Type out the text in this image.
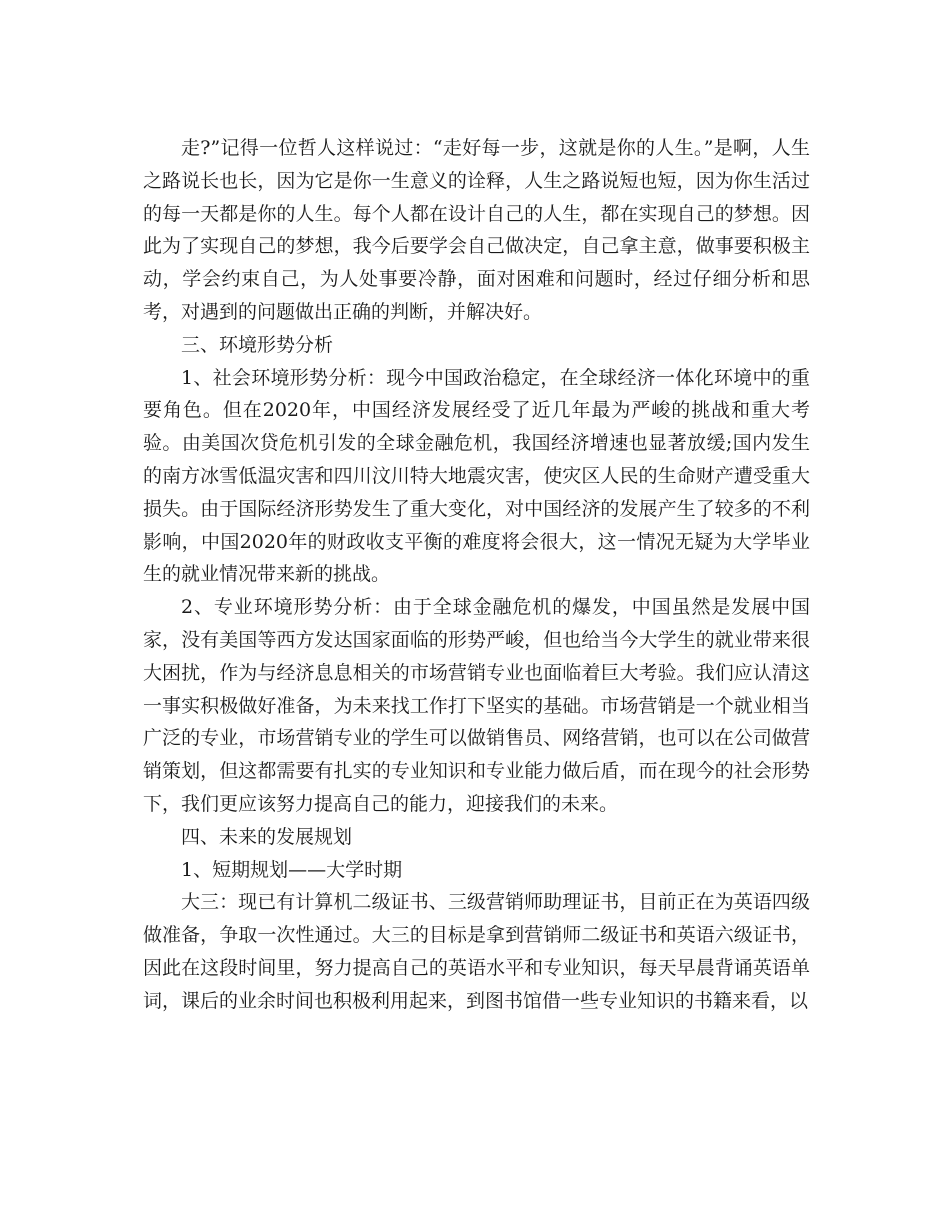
走?”记得一位哲人这样说过：“走好每一步，这就是你的人生。”是啊，人生之路说长也长，因为它是你一生意义的诠释，人生之路说短也短，因为你生活过的每一天都是你的人生。每个人都在设计自己的人生，都在实现自己的梦想。因此为了实现自己的梦想，我今后要学会自己做决定，自己拿主意，做事要积极主动，学会约束自己，为人处事要冷静，面对困难和问题时，经过仔细分析和思考，对遇到的问题做出正确的判断，并解决好。

三、环境形势分析

1、社会环境形势分析：现今中国政治稳定，在全球经济一体化环境中的重要角色。但在2020年，中国经济发展经受了近几年最为严峻的挑战和重大考验。由美国次贷危机引发的全球金融危机，我国经济增速也显著放缓;国内发生的南方冰雪低温灾害和四川汶川特大地震灾害，使灾区人民的生命财产遭受重大损失。由于国际经济形势发生了重大变化，对中国经济的发展产生了较多的不利影响，中国2020年的财政收支平衡的难度将会很大，这一情况无疑为大学毕业生的就业情况带来新的挑战。

2、专业环境形势分析：由于全球金融危机的爆发，中国虽然是发展中国家，没有美国等西方发达国家面临的形势严峻，但也给当今大学生的就业带来很大困扰，作为与经济息息相关的市场营销专业也面临着巨大考验。我们应认清这一事实积极做好准备，为未来找工作打下坚实的基础。市场营销是一个就业相当广泛的专业，市场营销专业的学生可以做销售员、网络营销，也可以在公司做营销策划，但这都需要有扎实的专业知识和专业能力做后盾，而在现今的社会形势下，我们更应该努力提高自己的能力，迎接我们的未来。

四、未来的发展规划

1、短期规划——大学时期

大三：现已有计算机二级证书、三级营销师助理证书，目前正在为英语四级做准备，争取一次性通过。大三的目标是拿到营销师二级证书和英语六级证书，因此在这段时间里，努力提高自己的英语水平和专业知识，每天早晨背诵英语单词，课后的业余时间也积极利用起来，到图书馆借一些专业知识的书籍来看，以
